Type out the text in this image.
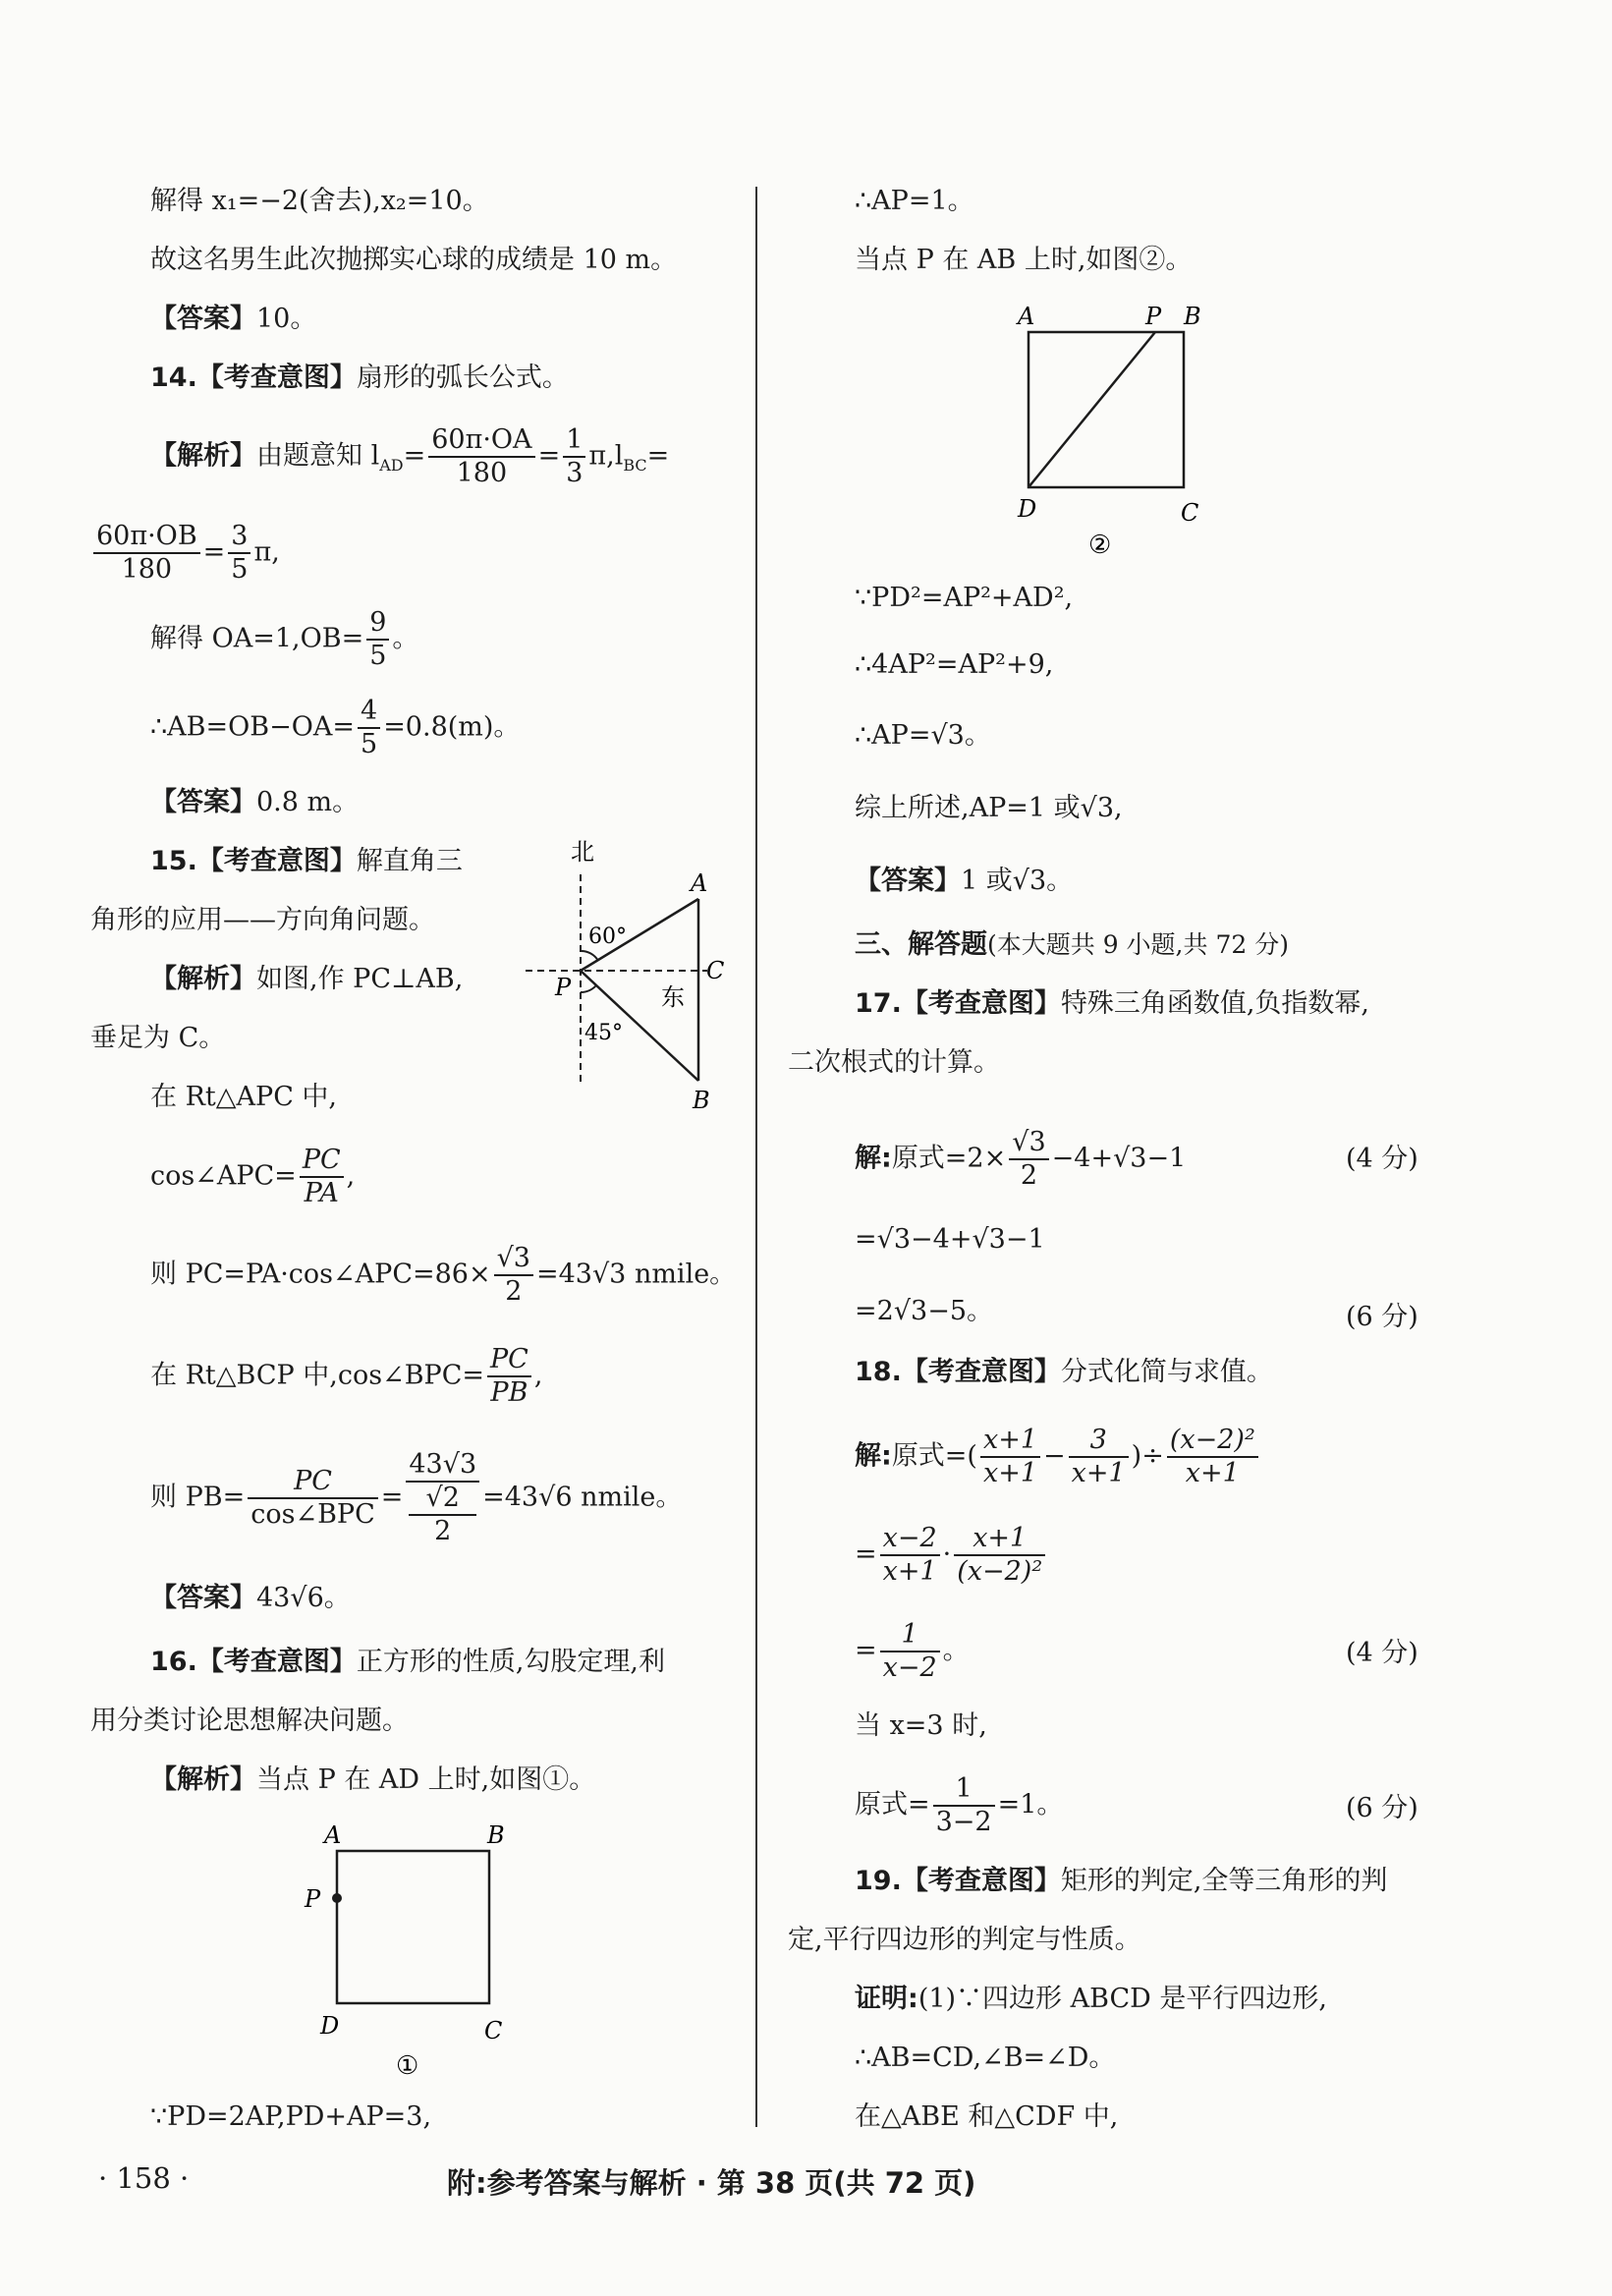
解得 x₁=−2(舍去),x₂=10。
故这名男生此次抛掷实心球的成绩是 10 m。
【答案】10。
14.【考查意图】扇形的弧长公式。
【解析】由题意知 $l_{AD}= \frac{60\pi\cdot OA}{180} = \frac{1}{3} \pi,l_{BC}=$
$\frac{60\pi\cdot OB}{180} = \frac{3}{5} \pi$,
解得 $OA=1,OB= \frac{9}{5}$ 。
∴AB=OB−OA= $\frac{4}{5} =0.8(m)$。
【答案】0.8 m。
15.【考查意图】解直角三
角形的应用——方向角问题。
【解析】如图,作 PC⊥AB,
垂足为 C。
在 Rt△APC 中,
cos∠APC= $\frac{PC}{PA}$ ,
则 PC=PA·cos∠APC=86× $\frac{√3}{2} =43√3$ nmile。
在 Rt△BCP 中,cos∠BPC= $\frac{PC}{PB}$ ,
则 $PB= \frac{PC}{\text{cos∠BPC}} = 43√3$
√2
2 =43√6 nmile。
【答案】43√6。
16.【考查意图】正方形的性质,勾股定理,利
用分类讨论思想解决问题。
【解析】当点 P 在 AD 上时,如图①。
∵PD=2AP,PD+AP=3,
北
A
C
B
P
60°
45°
东
A	B
D	C
P
①
∴AP=1。
当点 P 在 AB 上时,如图②。
A	P B
D	C
②
∵PD²=AP²+AD²,
∴4AP²=AP²+9,
∴AP=√3。
综上所述,AP=1 或√3,
【答案】1 或√3。
三、解答题(本大题共 9 小题,共 72 分)
17.【考查意图】特殊三角函数值,负指数幂,
二次根式的计算。
解:原式$=2\times \frac{√3}{2} -4+√3-1$	(4 分)
=√3−4+√3−1
=2√3−5。	(6 分)
18.【考查意图】分式化简与求值。
解:原式=( $\frac{x+1}{x+1} - \frac{3}{x+1}$ )÷ $\frac{\text{(x−2)²}}{x+1}$
= $\frac{x-2}{x+1} \cdot \frac{x+1}{\text{(x−2)²}}$
= $\frac{1}{x-2}$ 。	(4 分)
当 x=3 时,
原式= $\frac{1}{3-2} =1$。	(6 分)
19.【考查意图】矩形的判定,全等三角形的判
定,平行四边形的判定与性质。
证明:(1)∵四边形 ABCD 是平行四边形,
∴AB=CD,∠B=∠D。
在△ABE 和△CDF 中,
· 158 ·	附:参考答案与解析 · 第 38 页(共 72 页)
